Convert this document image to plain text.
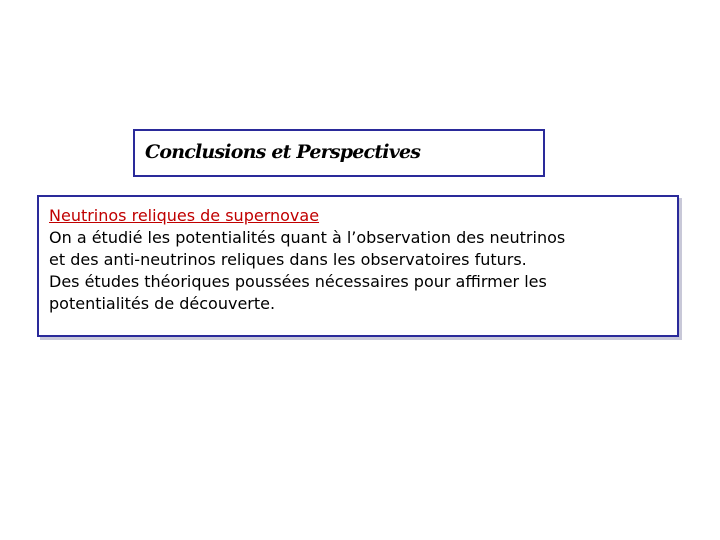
Conclusions et Perspectives
Neutrinos reliques de supernovae
On a étudié les potentialités quant à l’observation des neutrinos
et des anti-neutrinos reliques dans les observatoires futurs.
Des études théoriques poussées nécessaires pour affirmer les
potentialités de découverte.
